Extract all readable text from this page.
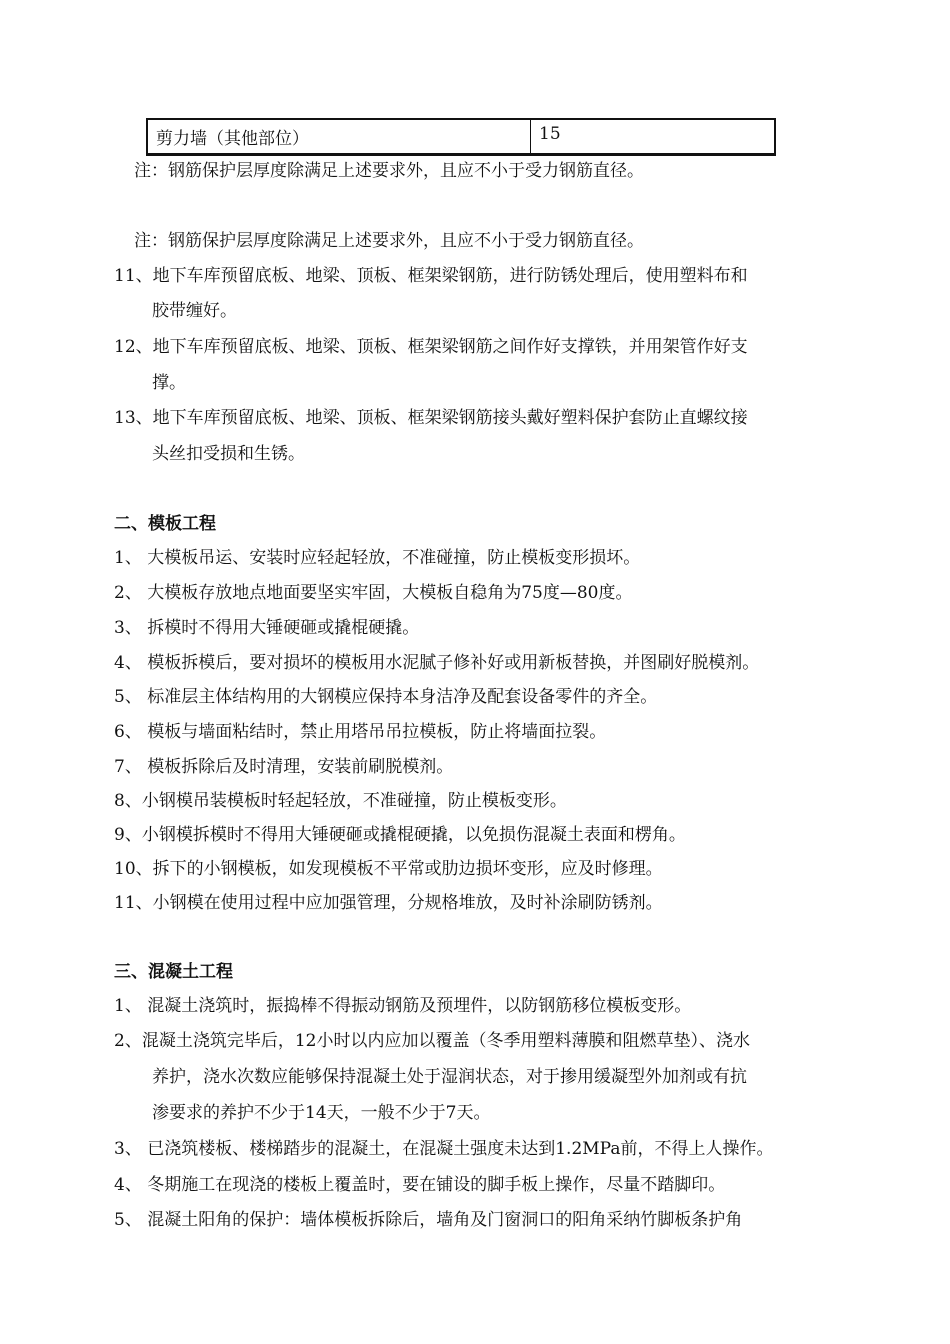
剪力墙（其他部位）	15
注：钢筋保护层厚度除满足上述要求外，且应不小于受力钢筋直径。
注：钢筋保护层厚度除满足上述要求外，且应不小于受力钢筋直径。
11、地下车库预留底板、地梁、顶板、框架梁钢筋，进行防锈处理后，使用塑料布和
胶带缠好。
12、地下车库预留底板、地梁、顶板、框架梁钢筋之间作好支撑铁，并用架管作好支
撑。
13、地下车库预留底板、地梁、顶板、框架梁钢筋接头戴好塑料保护套防止直螺纹接
头丝扣受损和生锈。
二、模板工程
1、 大模板吊运、安装时应轻起轻放，不准碰撞，防止模板变形损坏。
2、 大模板存放地点地面要坚实牢固，大模板自稳角为75度—80度。
3、 拆模时不得用大锤硬砸或撬棍硬撬。
4、 模板拆模后，要对损坏的模板用水泥腻子修补好或用新板替换，并图刷好脱模剂。
5、 标准层主体结构用的大钢模应保持本身洁净及配套设备零件的齐全。
6、 模板与墙面粘结时，禁止用塔吊吊拉模板，防止将墙面拉裂。
7、 模板拆除后及时清理，安装前刷脱模剂。
8、小钢模吊装模板时轻起轻放，不准碰撞，防止模板变形。
9、小钢模拆模时不得用大锤硬砸或撬棍硬撬，以免损伤混凝土表面和楞角。
10、拆下的小钢模板，如发现模板不平常或肋边损坏变形，应及时修理。
11、小钢模在使用过程中应加强管理，分规格堆放，及时补涂刷防锈剂。
三、混凝土工程
1、 混凝土浇筑时，振捣棒不得振动钢筋及预埋件，以防钢筋移位模板变形。
2、混凝土浇筑完毕后，12小时以内应加以覆盖（冬季用塑料薄膜和阻燃草垫）、浇水
养护，浇水次数应能够保持混凝土处于湿润状态，对于掺用缓凝型外加剂或有抗
渗要求的养护不少于14天，一般不少于7天。
3、 已浇筑楼板、楼梯踏步的混凝土，在混凝土强度未达到1.2MPa前，不得上人操作。
4、 冬期施工在现浇的楼板上覆盖时，要在铺设的脚手板上操作，尽量不踏脚印。
5、 混凝土阳角的保护：墙体模板拆除后，墙角及门窗洞口的阳角采纳竹脚板条护角
